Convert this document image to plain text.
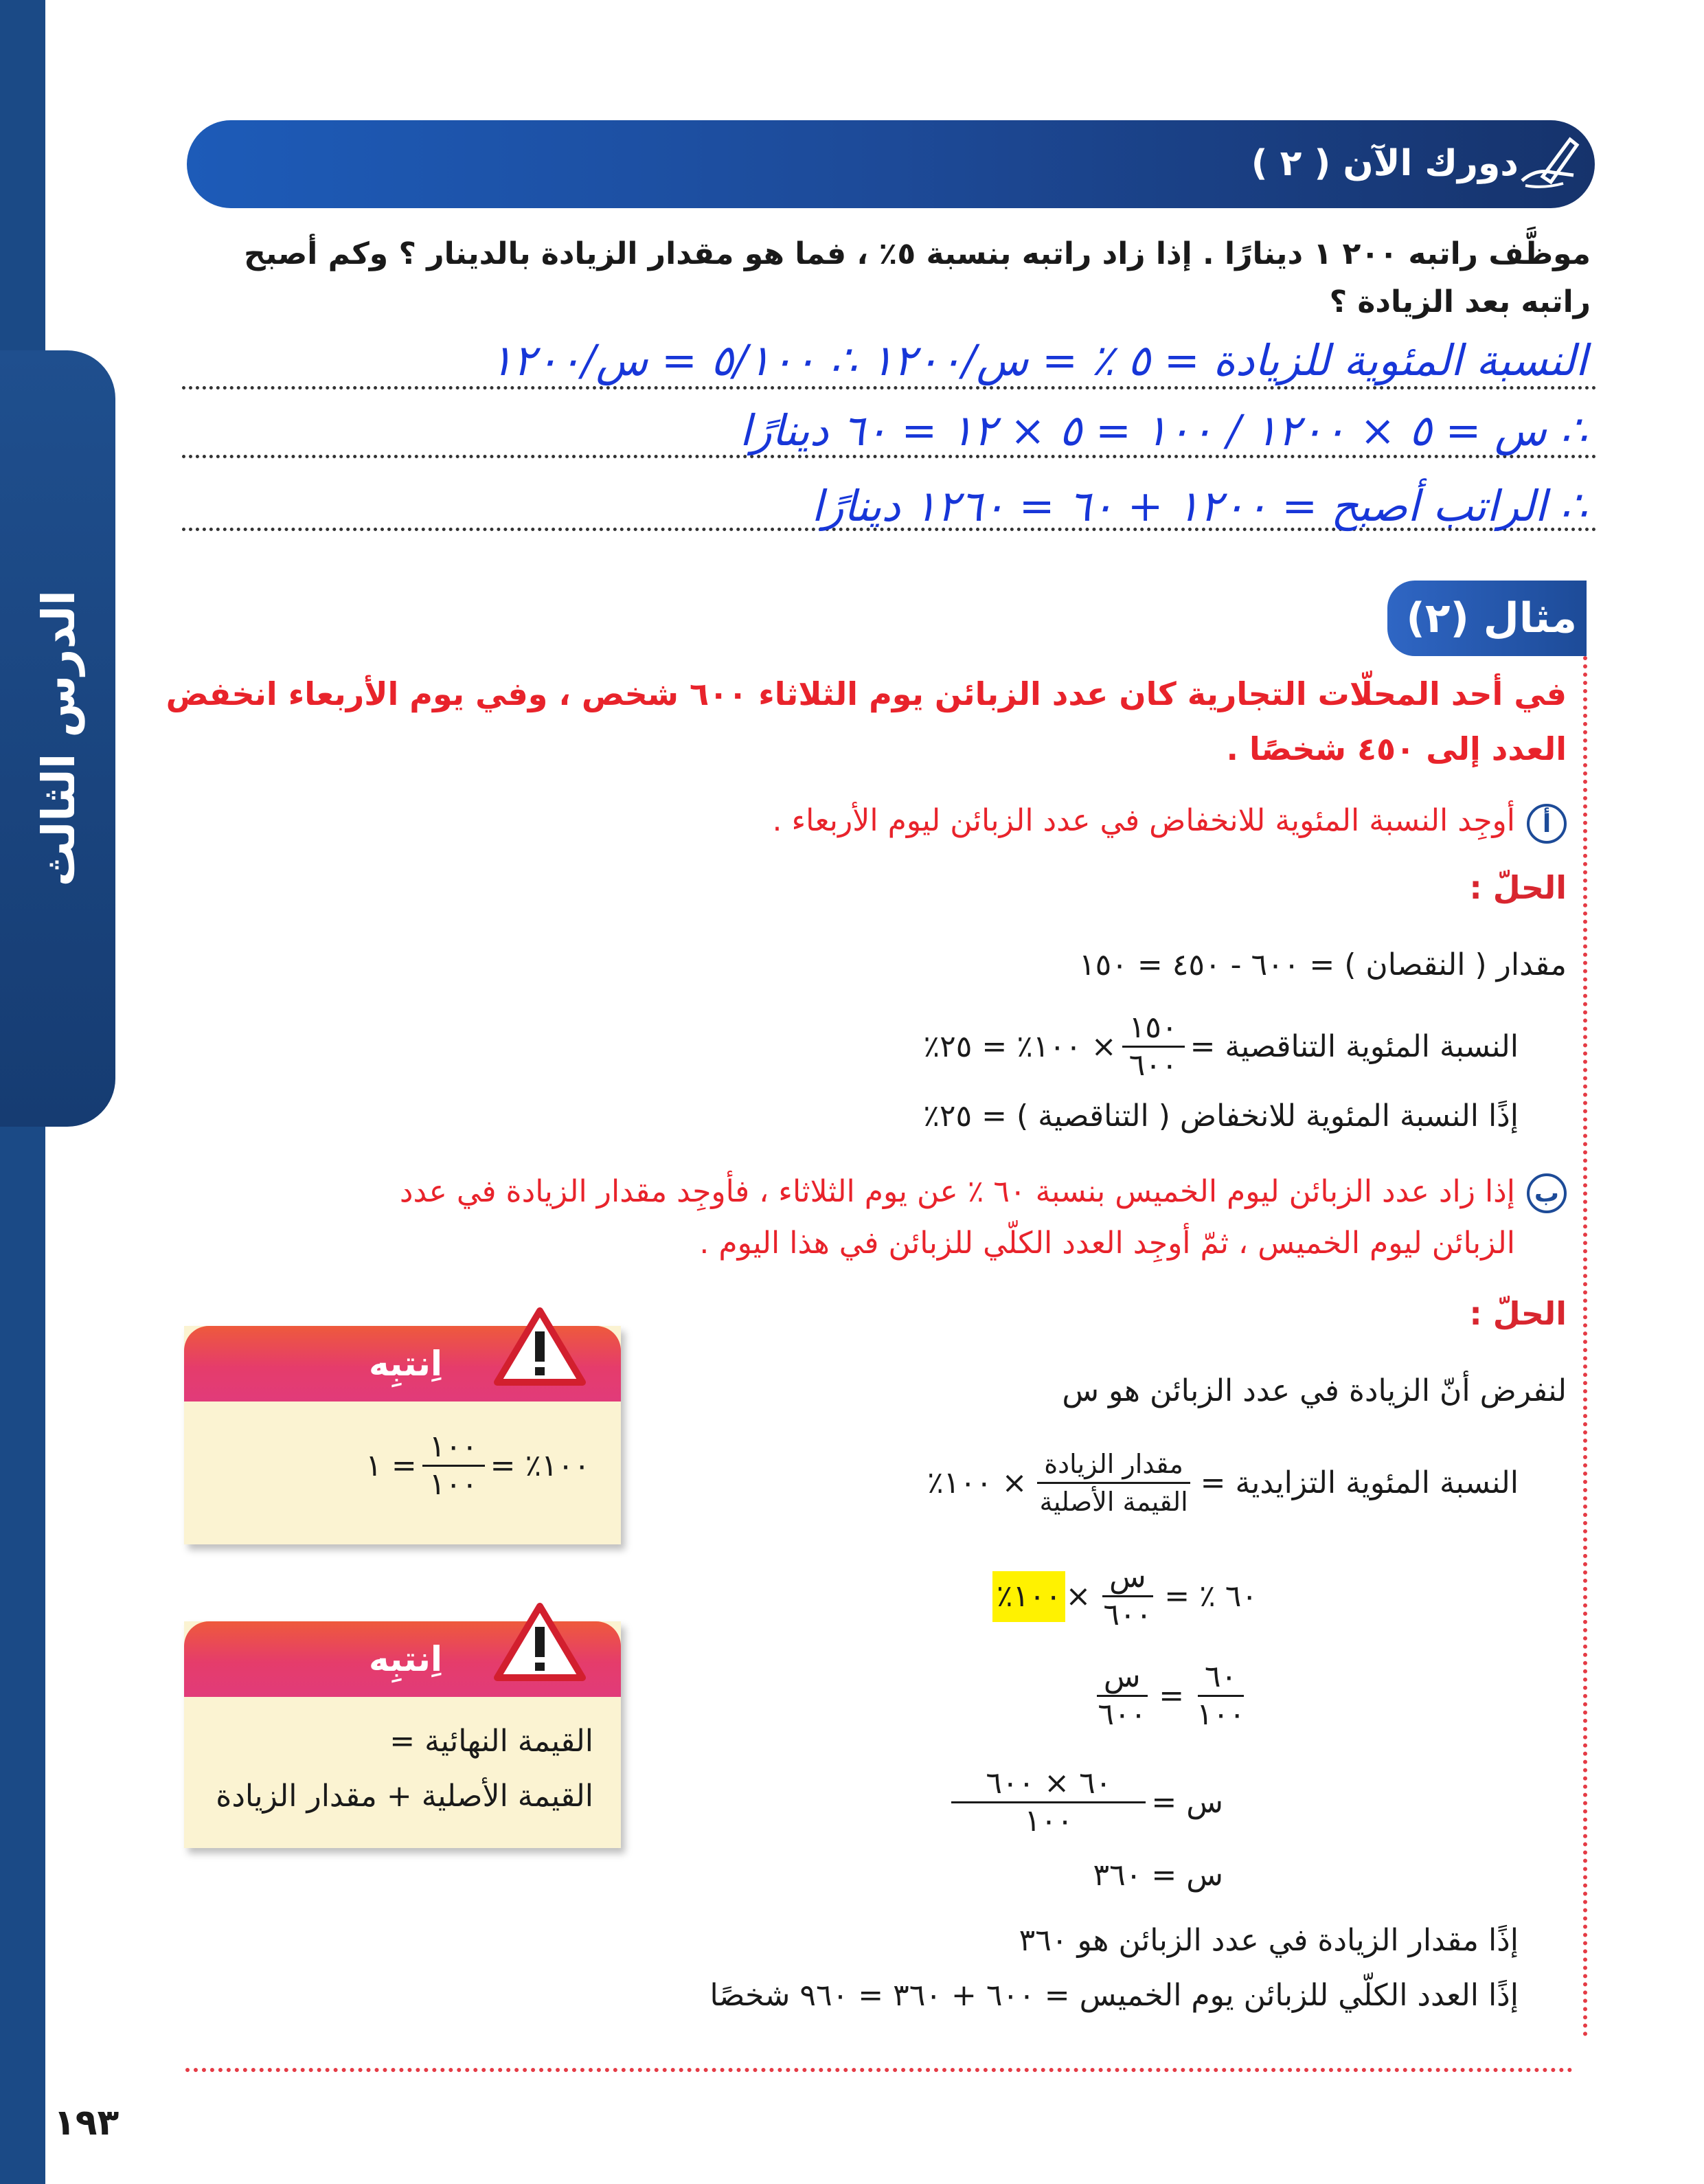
الدرس الثالث
دورك الآن ( ٢ )
موظَّف راتبه ٢٠٠ ١ دينارًا . إذا زاد راتبه بنسبة ٥٪ ، فما هو مقدار الزيادة بالدينار ؟ وكم أصبح
راتبه بعد الزيادة ؟
النسبة المئوية للزيادة = ٥ ٪ = س/١٢٠٠ ∴ ٥/١٠٠ = س/١٢٠٠
∴ س = ٥ × ١٢٠٠ / ١٠٠ = ٥ × ١٢ = ٦٠ دينارًا
∴ الراتب أصبح = ١٢٠٠ + ٦٠ = ١٢٦٠ دينارًا
مثال (٢) :
في أحد المحلّات التجارية كان عدد الزبائن يوم الثلاثاء ٦٠٠ شخص ، وفي يوم الأربعاء انخفض
العدد إلى ٤٥٠ شخصًا .
أ
أوجِد النسبة المئوية للانخفاض في عدد الزبائن ليوم الأربعاء .
الحلّ :
مقدار ( النقصان ) = ٦٠٠ - ٤٥٠ = ١٥٠
النسبة المئوية التناقصية =
$\frac{١٥٠}{٦٠٠}$
× ١٠٠٪ = ٢٥٪
إذًا النسبة المئوية للانخفاض ( التناقصية ) = ٢٥٪
ب
إذا زاد عدد الزبائن ليوم الخميس بنسبة ٦٠ ٪ عن يوم الثلاثاء ، فأوجِد مقدار الزيادة في عدد
الزبائن ليوم الخميس ، ثمّ أوجِد العدد الكلّي للزبائن في هذا اليوم .
الحلّ :
لنفرض أنّ الزيادة في عدد الزبائن هو س
النسبة المئوية التزايدية =
$\frac{\text{مقدار الزيادة}}{\text{القيمة الأصلية}}$
× ١٠٠٪
٦٠ ٪ =
$\frac{\text{س}}{٦٠٠}$
×
١٠٠٪
$\frac{٦٠}{١٠٠}$
=
$\frac{\text{س}}{٦٠٠}$
س =
$\frac{٦٠ \times ٦٠٠}{١٠٠}$
س = ٣٦٠
إذًا مقدار الزيادة في عدد الزبائن هو ٣٦٠
إذًا العدد الكلّي للزبائن يوم الخميس = ٦٠٠ + ٣٦٠ = ٩٦٠ شخصًا
اِنتبِه
١٠٠٪ =
$\frac{١٠٠}{١٠٠}$
= ١
اِنتبِه
القيمة النهائية =
القيمة الأصلية + مقدار الزيادة
١٩٣
